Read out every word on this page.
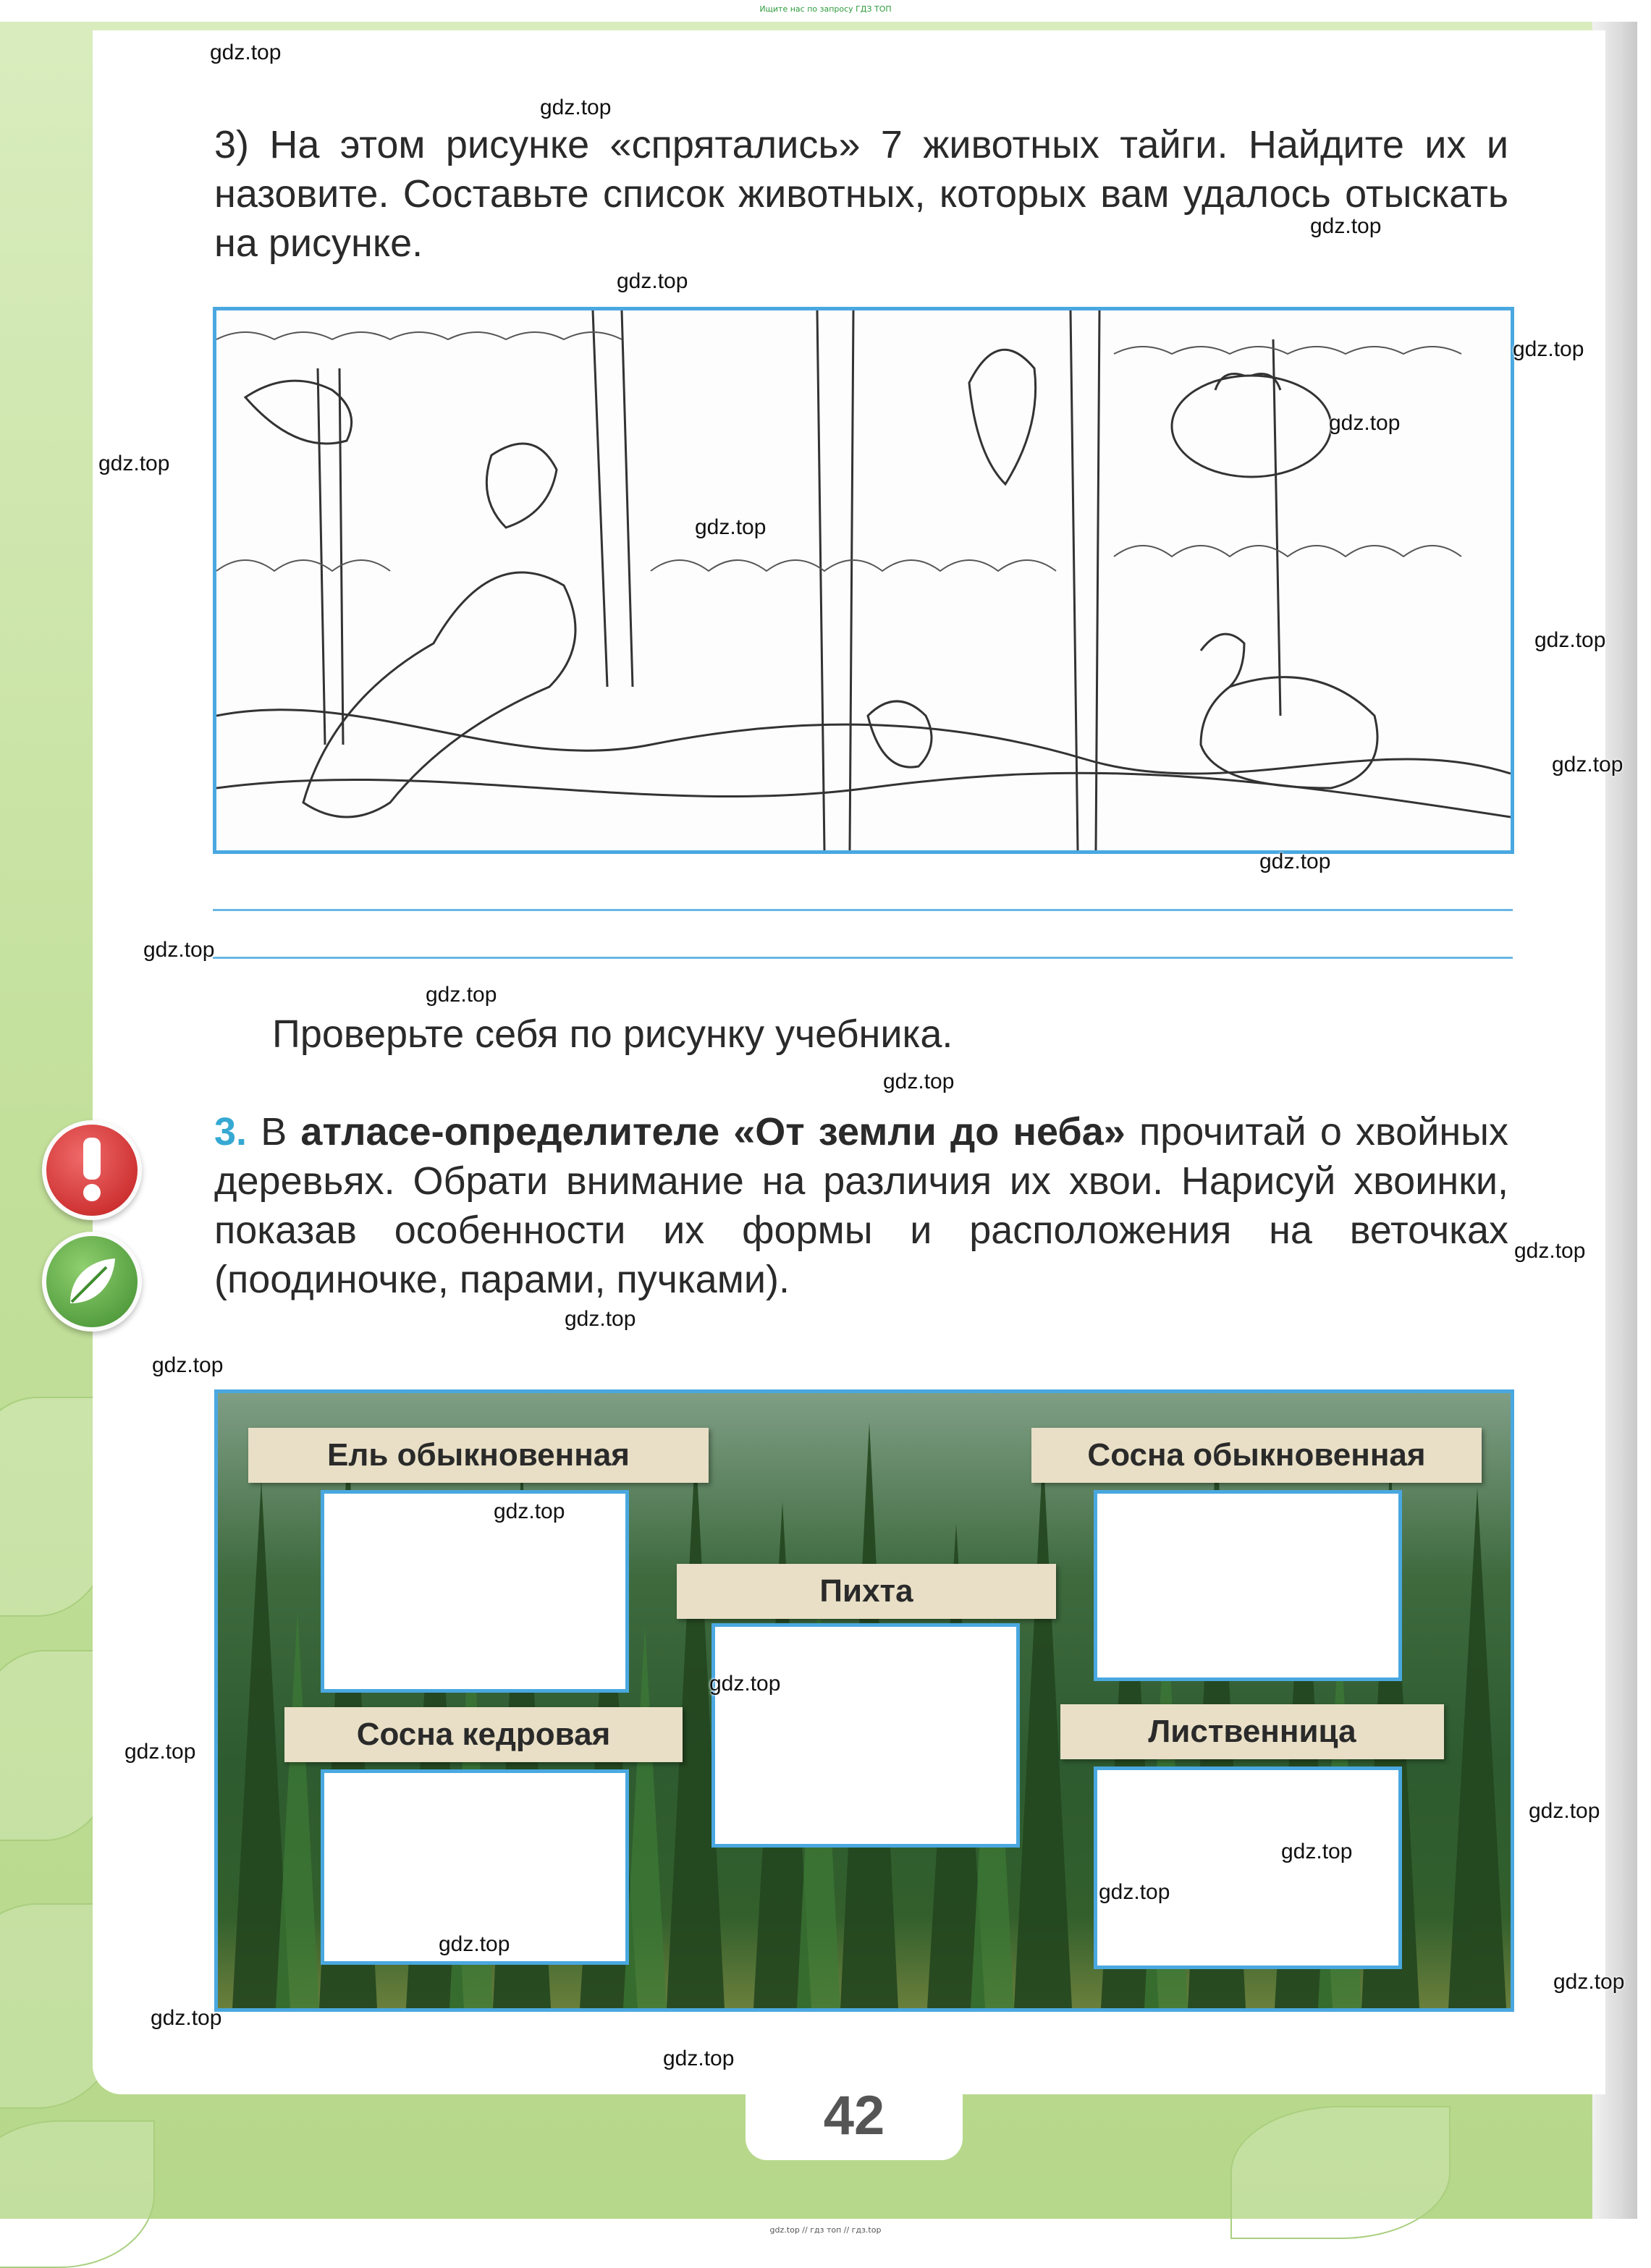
Ищите нас по запросу ГДЗ ТОП
42
3) На этом рисунке «спрятались» 7 животных тайги. Найдите их и назовите. Составьте список животных, которых вам удалось отыскать на рисунке.
Проверьте себя по рисунку учебника.
3. В атласе-определителе «От земли до неба» прочитай о хвойных деревьях. Обрати внимание на различия их хвои. Нарисуй хвоинки, показав особенности их формы и расположения на веточках (поодиночке, парами, пучками).
Ель обыкновенная	Сосна обыкновенная
Пихта
Сосна кедровая	Лиственница
gdz.top
gdz.top
gdz.top
gdz.top
gdz.top
gdz.top
gdz.top
gdz.top
gdz.top
gdz.top
gdz.top
gdz.top
gdz.top
gdz.top
gdz.top
gdz.top
gdz.top
gdz.top
gdz.top
gdz.top
gdz.top
gdz.top
gdz.top
gdz.top
gdz.top
gdz.top
gdz.top
gdz.top // гдз топ // гдз.top
